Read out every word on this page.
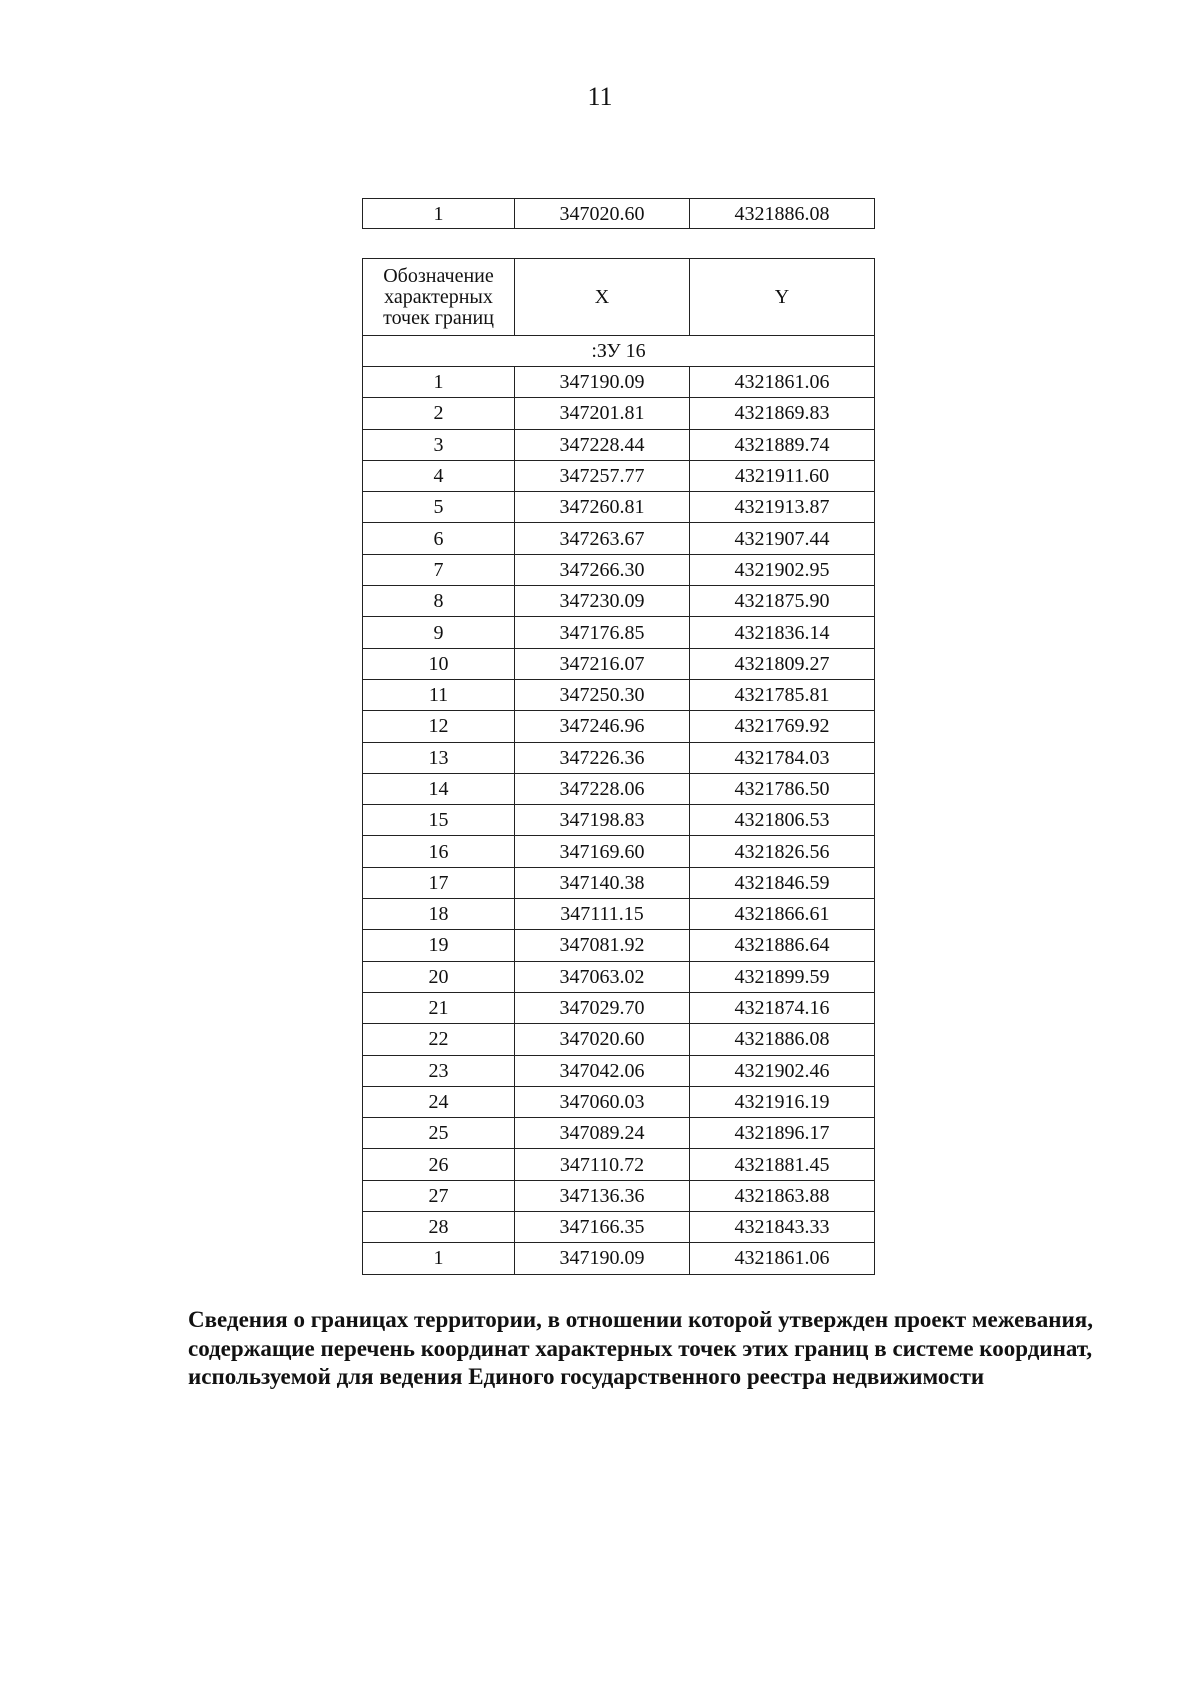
11
1	347020.60	4321886.08
Обозначение характерных точек границ	X	Y
:ЗУ 16		
1	347190.09	4321861.06
2	347201.81	4321869.83
3	347228.44	4321889.74
4	347257.77	4321911.60
5	347260.81	4321913.87
6	347263.67	4321907.44
7	347266.30	4321902.95
8	347230.09	4321875.90
9	347176.85	4321836.14
10	347216.07	4321809.27
11	347250.30	4321785.81
12	347246.96	4321769.92
13	347226.36	4321784.03
14	347228.06	4321786.50
15	347198.83	4321806.53
16	347169.60	4321826.56
17	347140.38	4321846.59
18	347111.15	4321866.61
19	347081.92	4321886.64
20	347063.02	4321899.59
21	347029.70	4321874.16
22	347020.60	4321886.08
23	347042.06	4321902.46
24	347060.03	4321916.19
25	347089.24	4321896.17
26	347110.72	4321881.45
27	347136.36	4321863.88
28	347166.35	4321843.33
1	347190.09	4321861.06
Сведения о границах территории, в отношении которой утвержден проект межевания, содержащие перечень координат характерных точек этих границ в системе координат, используемой для ведения Единого государственного реестра недвижимости
